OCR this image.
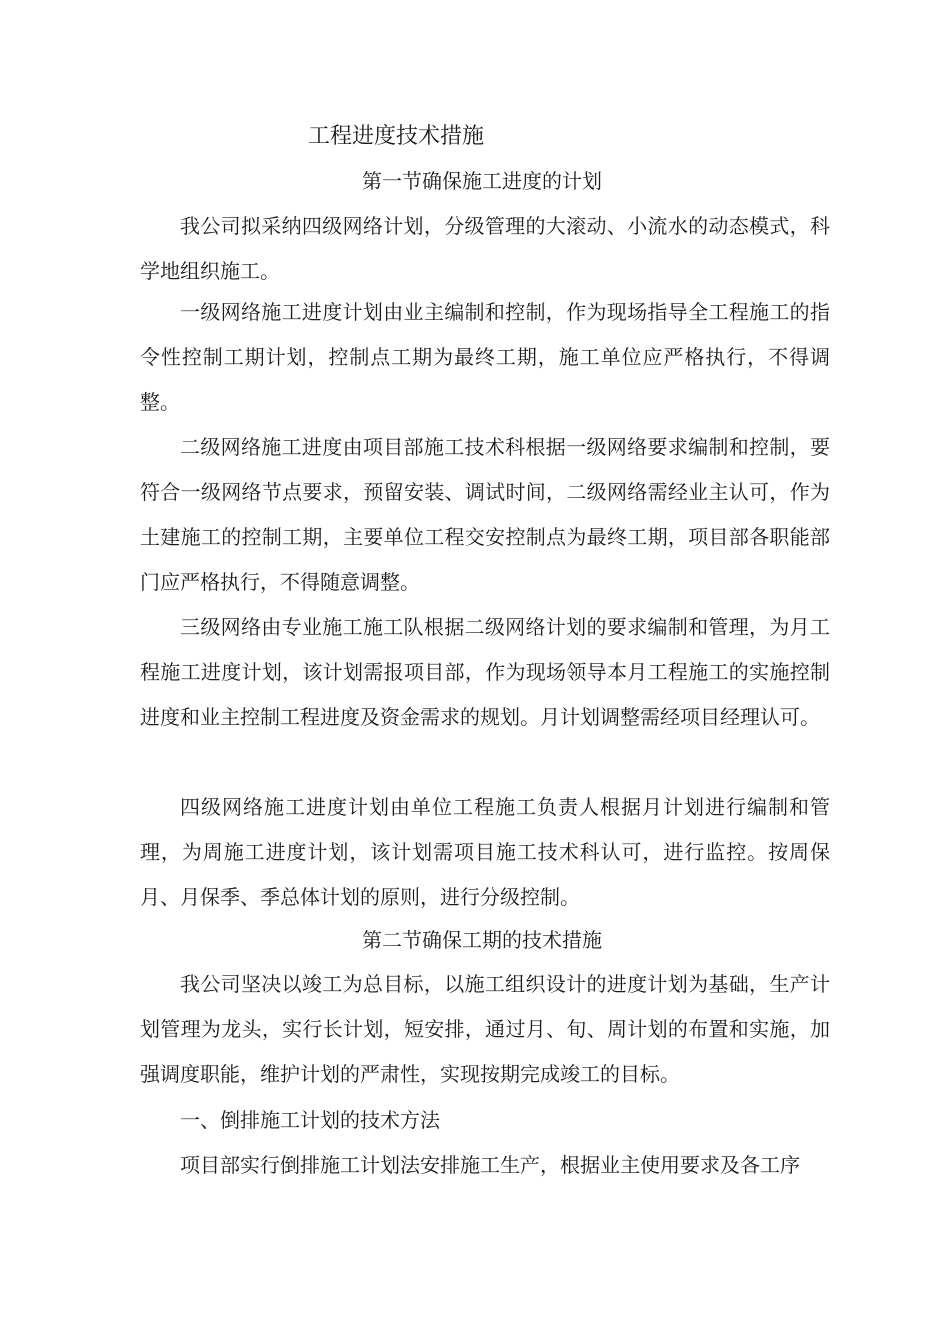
工程进度技术措施
第一节确保施工进度的计划

我公司拟采纳四级网络计划，分级管理的大滚动、小流水的动态模式，科学地组织施工。

一级网络施工进度计划由业主编制和控制，作为现场指导全工程施工的指令性控制工期计划，控制点工期为最终工期，施工单位应严格执行，不得调整。

二级网络施工进度由项目部施工技术科根据一级网络要求编制和控制，要符合一级网络节点要求，预留安装、调试时间，二级网络需经业主认可，作为土建施工的控制工期，主要单位工程交安控制点为最终工期，项目部各职能部门应严格执行，不得随意调整。

三级网络由专业施工施工队根据二级网络计划的要求编制和管理，为月工程施工进度计划，该计划需报项目部，作为现场领导本月工程施工的实施控制进度和业主控制工程进度及资金需求的规划。月计划调整需经项目经理认可。

四级网络施工进度计划由单位工程施工负责人根据月计划进行编制和管理，为周施工进度计划，该计划需项目施工技术科认可，进行监控。按周保月、月保季、季总体计划的原则，进行分级控制。

第二节确保工期的技术措施

我公司坚决以竣工为总目标，以施工组织设计的进度计划为基础，生产计划管理为龙头，实行长计划，短安排，通过月、旬、周计划的布置和实施，加强调度职能，维护计划的严肃性，实现按期完成竣工的目标。

一、倒排施工计划的技术方法

项目部实行倒排施工计划法安排施工生产，根据业主使用要求及各工序
